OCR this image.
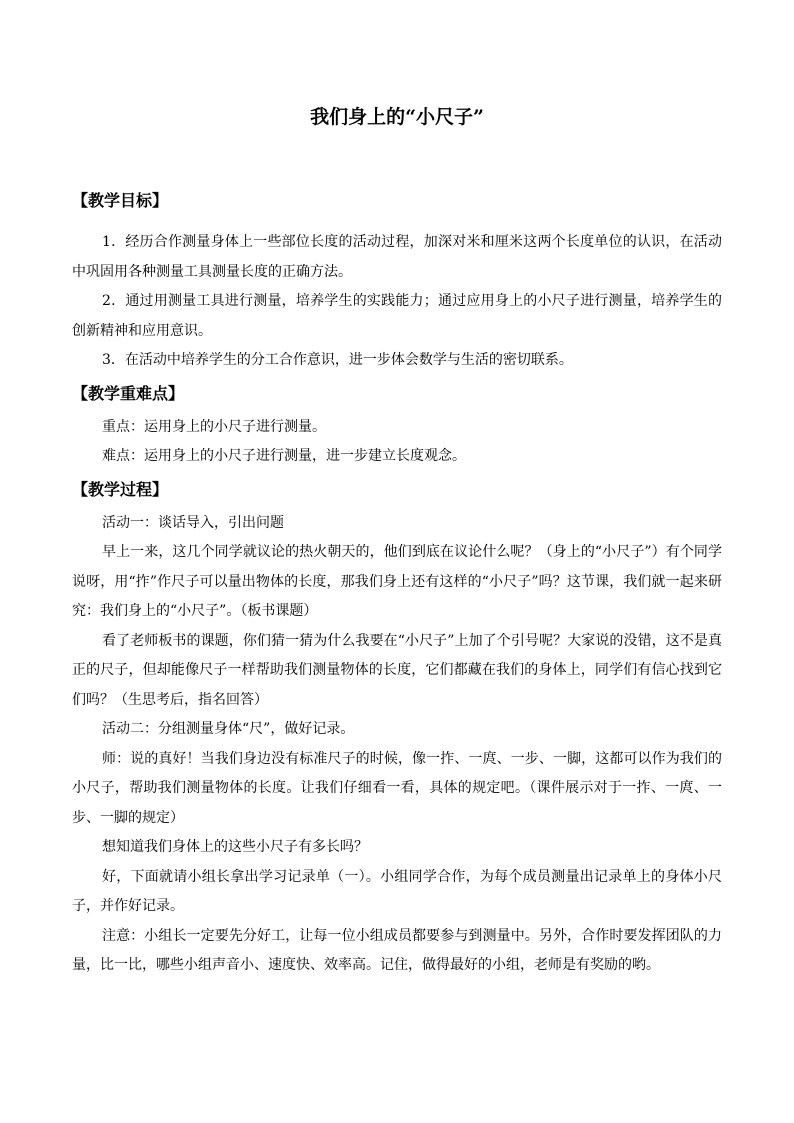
我们身上的“小尺子”
【教学目标】

1．经历合作测量身体上一些部位长度的活动过程，加深对米和厘米这两个长度单位的认识，在活动中巩固用各种测量工具测量长度的正确方法。

2．通过用测量工具进行测量，培养学生的实践能力；通过应用身上的小尺子进行测量，培养学生的创新精神和应用意识。

3．在活动中培养学生的分工合作意识，进一步体会数学与生活的密切联系。

【教学重难点】

重点：运用身上的小尺子进行测量。

难点：运用身上的小尺子进行测量，进一步建立长度观念。

【教学过程】

活动一：谈话导入，引出问题

早上一来，这几个同学就议论的热火朝天的，他们到底在议论什么呢？（身上的“小尺子”）有个同学说呀，用“拃”作尺子可以量出物体的长度，那我们身上还有这样的“小尺子”吗？这节课，我们就一起来研究：我们身上的“小尺子”。（板书课题）

看了老师板书的课题，你们猜一猜为什么我要在“小尺子”上加了个引号呢？大家说的没错，这不是真正的尺子，但却能像尺子一样帮助我们测量物体的长度，它们都藏在我们的身体上，同学们有信心找到它们吗？（生思考后，指名回答）

活动二：分组测量身体“尺”，做好记录。

师：说的真好！当我们身边没有标准尺子的时候，像一拃、一庹、一步、一脚，这都可以作为我们的小尺子，帮助我们测量物体的长度。让我们仔细看一看，具体的规定吧。（课件展示对于一拃、一庹、一步、一脚的规定）

想知道我们身体上的这些小尺子有多长吗？

好，下面就请小组长拿出学习记录单（一）。小组同学合作，为每个成员测量出记录单上的身体小尺子，并作好记录。

注意：小组长一定要先分好工，让每一位小组成员都要参与到测量中。另外，合作时要发挥团队的力量，比一比，哪些小组声音小、速度快、效率高。记住，做得最好的小组，老师是有奖励的哟。
